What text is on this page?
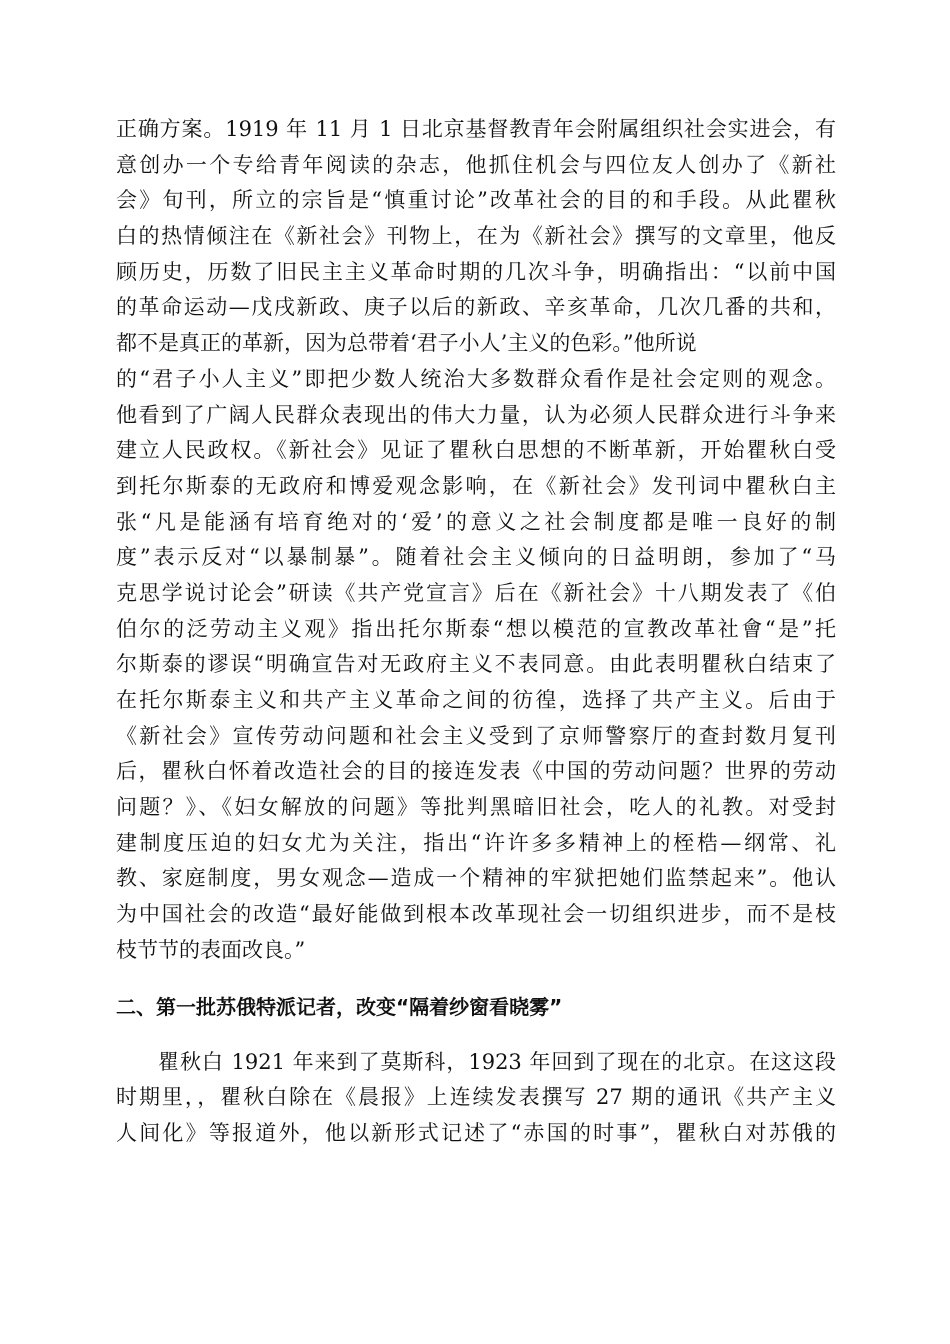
正确方案。1919 年 11 月 1 日北京基督教青年会附属组织社会实进会，有
意创办一个专给青年阅读的杂志，他抓住机会与四位友人创办了《新社
会》旬刊，所立的宗旨是“慎重讨论”改革社会的目的和手段。从此瞿秋
白的热情倾注在《新社会》刊物上，在为《新社会》撰写的文章里，他反
顾历史，历数了旧民主主义革命时期的几次斗争，明确指出：“以前中国
的革命运动—戊戌新政、庚子以后的新政、辛亥革命，几次几番的共和，
都不是真正的革新，因为总带着‘君子小人’主义的色彩。”他所说
的“君子小人主义”即把少数人统治大多数群众看作是社会定则的观念。
他看到了广阔人民群众表现出的伟大力量，认为必须人民群众进行斗争来
建立人民政权。《新社会》见证了瞿秋白思想的不断革新，开始瞿秋白受
到托尔斯泰的无政府和博爱观念影响，在《新社会》发刊词中瞿秋白主
张“凡是能涵有培育绝对的‘爱’的意义之社会制度都是唯一良好的制
度”表示反对“以暴制暴”。随着社会主义倾向的日益明朗，参加了“马
克思学说讨论会”研读《共产党宣言》后在《新社会》十八期发表了《伯
伯尔的泛劳动主义观》指出托尔斯泰“想以模范的宣教改革社會“是”托
尔斯泰的谬误“明确宣告对无政府主义不表同意。由此表明瞿秋白结束了
在托尔斯泰主义和共产主义革命之间的彷徨，选择了共产主义。后由于
《新社会》宣传劳动问题和社会主义受到了京师警察厅的查封数月复刊
后，瞿秋白怀着改造社会的目的接连发表《中国的劳动问题？世界的劳动
问题？》、《妇女解放的问题》等批判黑暗旧社会，吃人的礼教。对受封
建制度压迫的妇女尤为关注，指出“许许多多精神上的桎梏—纲常、礼
教、家庭制度，男女观念—造成一个精神的牢狱把她们监禁起来”。他认
为中国社会的改造“最好能做到根本改革现社会一切组织进步，而不是枝
枝节节的表面改良。”
二、第一批苏俄特派记者，改变“隔着纱窗看晓雾”
瞿秋白 1921 年来到了莫斯科，1923 年回到了现在的北京。在这这段
时期里，，瞿秋白除在《晨报》上连续发表撰写 27 期的通讯《共产主义
人间化》等报道外，他以新形式记述了“赤国的时事”，瞿秋白对苏俄的
